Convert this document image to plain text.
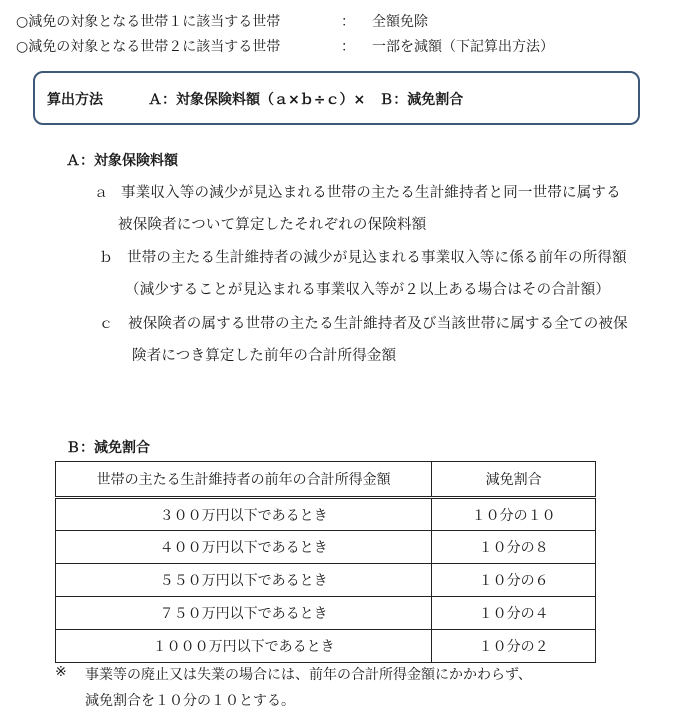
○減免の対象となる世帯１に該当する世帯	： 全額免除
○減免の対象となる世帯２に該当する世帯	： 一部を減額（下記算出方法）
算出方法	Ａ：対象保険料額（ａ×ｂ÷ｃ）×　Ｂ：減免割合
Ａ：対象保険料額
ａ 事業収入等の減少が見込まれる世帯の主たる生計維持者と同一世帯に属する
被保険者について算定したそれぞれの保険料額
ｂ 世帯の主たる生計維持者の減少が見込まれる事業収入等に係る前年の所得額
（減少することが見込まれる事業収入等が２以上ある場合はその合計額）
ｃ 被保険者の属する世帯の主たる生計維持者及び当該世帯に属する全ての被保
険者につき算定した前年の合計所得金額
Ｂ：減免割合
世帯の主たる生計維持者の前年の合計所得金額	減免割合
３００万円以下であるとき	１０分の１０
４００万円以下であるとき	１０分の８
５５０万円以下であるとき	１０分の６
７５０万円以下であるとき	１０分の４
１０００万円以下であるとき	１０分の２
※ 事業等の廃止又は失業の場合には、前年の合計所得金額にかかわらず、
減免割合を１０分の１０とする。
